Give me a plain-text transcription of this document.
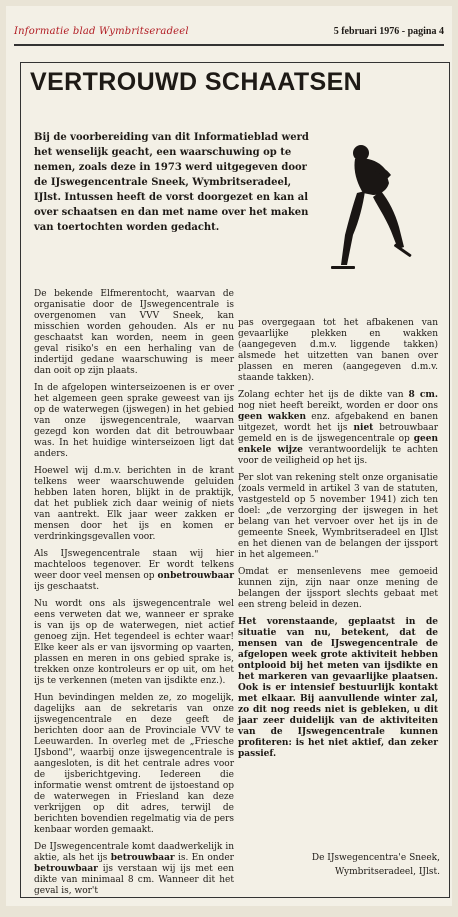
Informatie blad Wymbritseradeel	5 februari 1976 - pagina 4
VERTROUWD SCHAATSEN

Bij de voorbereiding van dit Informatieblad werd het wenselijk geacht, een waarschuwing op te nemen, zoals deze in 1973 werd uitgegeven door de IJswegencentrale Sneek, Wymbritseradeel, IJlst. Intussen heeft de vorst doorgezet en kan al over schaatsen en dan met name over het maken van toertochten worden gedacht.

De bekende Elfmerentocht, waarvan de organisatie door de IJswegencentrale is overgenomen van VVV Sneek, kan misschien worden gehouden. Als er nu geschaatst kan worden, neem in geen geval risiko's en een herhaling van de indertijd gedane waarschuwing is meer dan ooit op zijn plaats.

In de afgelopen winterseizoenen is er over het algemeen geen sprake geweest van ijs op de waterwegen (ijswegen) in het gebied van onze ijswegencentrale, waarvan gezegd kon worden dat dit betrouwbaar was. In het huidige winterseizoen ligt dat anders.

Hoewel wij d.m.v. berichten in de krant telkens weer waarschuwende geluiden hebben laten horen, blijkt in de praktijk, dat het publiek zich daar weinig of niets van aantrekt. Elk jaar weer zakken er mensen door het ijs en komen er verdrinkingsgevallen voor.

Als IJswegencentrale staan wij hier machteloos tegenover. Er wordt telkens weer door veel mensen op onbetrouwbaar ijs geschaatst.

Nu wordt ons als ijswegencentrale wel eens verweten dat we, wanneer er sprake is van ijs op de waterwegen, niet actief genoeg zijn. Het tegendeel is echter waar! Elke keer als er van ijsvorming op vaarten, plassen en meren in ons gebied sprake is, trekken onze kontroleurs er op uit, om het ijs te verkennen (meten van ijsdikte enz.).

Hun bevindingen melden ze, zo mogelijk, dagelijks aan de sekretaris van onze ijswegencentrale en deze geeft de berichten door aan de Provinciale VVV te Leeuwarden. In overleg met de „Friesche IJsbond", waarbij onze ijswegencentrale is aangesloten, is dit het centrale adres voor de ijsberichtgeving. Iedereen die informatie wenst omtrent de ijstoestand op de waterwegen in Friesland kan deze verkrijgen op dit adres, terwijl de berichten bovendien regelmatig via de pers kenbaar worden gemaakt.

De IJswegencentrale komt daadwerkelijk in aktie, als het ijs betrouwbaar is. En onder betrouwbaar ijs verstaan wij ijs met een dikte van minimaal 8 cm. Wanneer dit het geval is, wor't

pas overgegaan tot het afbakenen van gevaarlijke plekken en wakken (aangegeven d.m.v. liggende takken) alsmede het uitzetten van banen over plassen en meren (aangegeven d.m.v. staande takken).

Zolang echter het ijs de dikte van 8 cm. nog niet heeft bereikt, worden er door ons geen wakken enz. afgebakend en banen uitgezet, wordt het ijs niet betrouwbaar gemeld en is de ijswegencentrale op geen enkele wijze verantwoordelijk te achten voor de veiligheid op het ijs.

Per slot van rekening stelt onze organisatie (zoals vermeld in artikel 3 van de statuten, vastgesteld op 5 november 1941) zich ten doel: „de verzorging der ijswegen in het belang van het vervoer over het ijs in de gemeente Sneek, Wymbritseradeel en IJlst en het dienen van de belangen der ijssport in het algemeen."

Omdat er mensenlevens mee gemoeid kunnen zijn, zijn naar onze mening de belangen der ijssport slechts gebaat met een streng beleid in dezen.

Het vorenstaande, geplaatst in de situatie van nu, betekent, dat de mensen van de IJswegencentrale de afgelopen week grote aktiviteit hebben ontplooid bij het meten van ijsdikte en het markeren van gevaarlijke plaatsen. Ook is er intensief bestuurlijk kontakt met elkaar. Bij aanvullende winter zal, zo dit nog reeds niet is gebleken, u dit jaar zeer duidelijk van de aktiviteiten van de IJswegencentrale kunnen profiteren: is het niet aktief, dan zeker passief.

De IJswegencentra'e Sneek,
Wymbritseradeel, IJlst.
